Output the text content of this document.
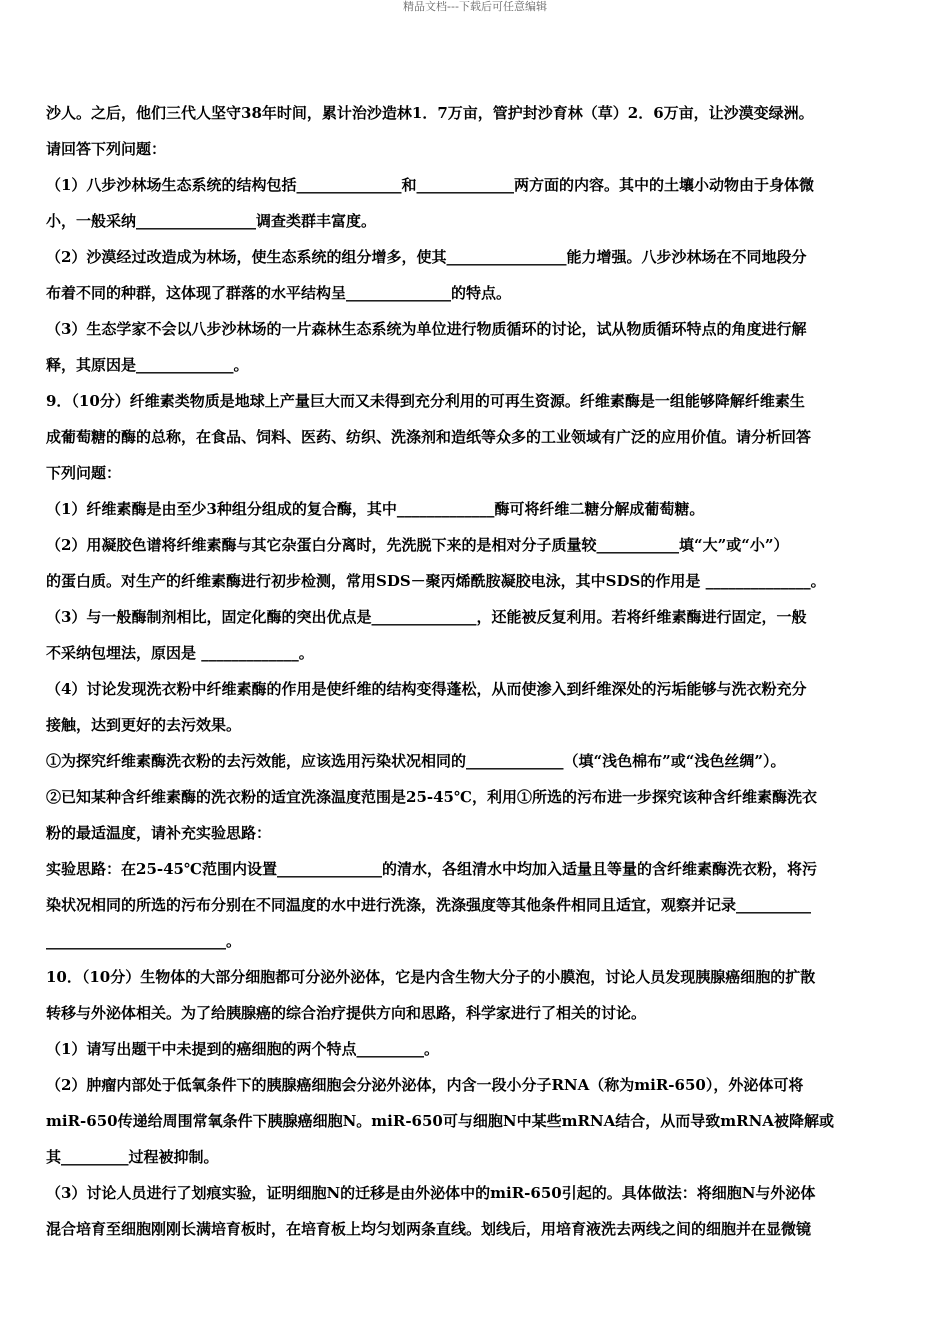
精品文档---下载后可任意编辑
沙人。之后，他们三代人坚守38年时间，累计治沙造林1．7万亩，管护封沙育林（草）2．6万亩，让沙漠变绿洲。
请回答下列问题：
（1）八步沙林场生态系统的结构包括______________和_____________两方面的内容。其中的土壤小动物由于身体微
小，一般采纳________________调查类群丰富度。
（2）沙漠经过改造成为林场，使生态系统的组分增多，使其________________能力增强。八步沙林场在不同地段分
布着不同的种群，这体现了群落的水平结构呈______________的特点。
（3）生态学家不会以八步沙林场的一片森林生态系统为单位进行物质循环的讨论，试从物质循环特点的角度进行解
释，其原因是_____________。
9．（10分）纤维素类物质是地球上产量巨大而又未得到充分利用的可再生资源。纤维素酶是一组能够降解纤维素生
成葡萄糖的酶的总称，在食品、饲料、医药、纺织、洗涤剂和造纸等众多的工业领域有广泛的应用价值。请分析回答
下列问题：
（1）纤维素酶是由至少3种组分组成的复合酶，其中_____________酶可将纤维二糖分解成葡萄糖。
（2）用凝胶色谱将纤维素酶与其它杂蛋白分离时，先洗脱下来的是相对分子质量较___________填“大”或“小”）
的蛋白质。对生产的纤维素酶进行初步检测，常用SDS－聚丙烯酰胺凝胶电泳，其中SDS的作用是 ______________。
（3）与一般酶制剂相比，固定化酶的突出优点是______________，还能被反复利用。若将纤维素酶进行固定，一般
不采纳包埋法，原因是 _____________。
（4）讨论发现洗衣粉中纤维素酶的作用是使纤维的结构变得蓬松，从而使渗入到纤维深处的污垢能够与洗衣粉充分
接触，达到更好的去污效果。
①为探究纤维素酶洗衣粉的去污效能，应该选用污染状况相同的_____________（填“浅色棉布”或“浅色丝绸”）。
②已知某种含纤维素酶的洗衣粉的适宜洗涤温度范围是25-45℃，利用①所选的污布进一步探究该种含纤维素酶洗衣
粉的最适温度，请补充实验思路：
实验思路：在25-45℃范围内设置______________的清水，各组清水中均加入适量且等量的含纤维素酶洗衣粉，将污
染状况相同的所选的污布分别在不同温度的水中进行洗涤，洗涤强度等其他条件相同且适宜，观察并记录__________
________________________。
10．（10分）生物体的大部分细胞都可分泌外泌体，它是内含生物大分子的小膜泡，讨论人员发现胰腺癌细胞的扩散
转移与外泌体相关。为了给胰腺癌的综合治疗提供方向和思路，科学家进行了相关的讨论。
（1）请写出题干中未提到的癌细胞的两个特点_________。
（2）肿瘤内部处于低氧条件下的胰腺癌细胞会分泌外泌体，内含一段小分子RNA（称为miR-650），外泌体可将
miR-650传递给周围常氧条件下胰腺癌细胞N。miR-650可与细胞N中某些mRNA结合，从而导致mRNA被降解或
其_________过程被抑制。
（3）讨论人员进行了划痕实验，证明细胞N的迁移是由外泌体中的miR-650引起的。具体做法：将细胞N与外泌体
混合培育至细胞刚刚长满培育板时，在培育板上均匀划两条直线。划线后，用培育液洗去两线之间的细胞并在显微镜
